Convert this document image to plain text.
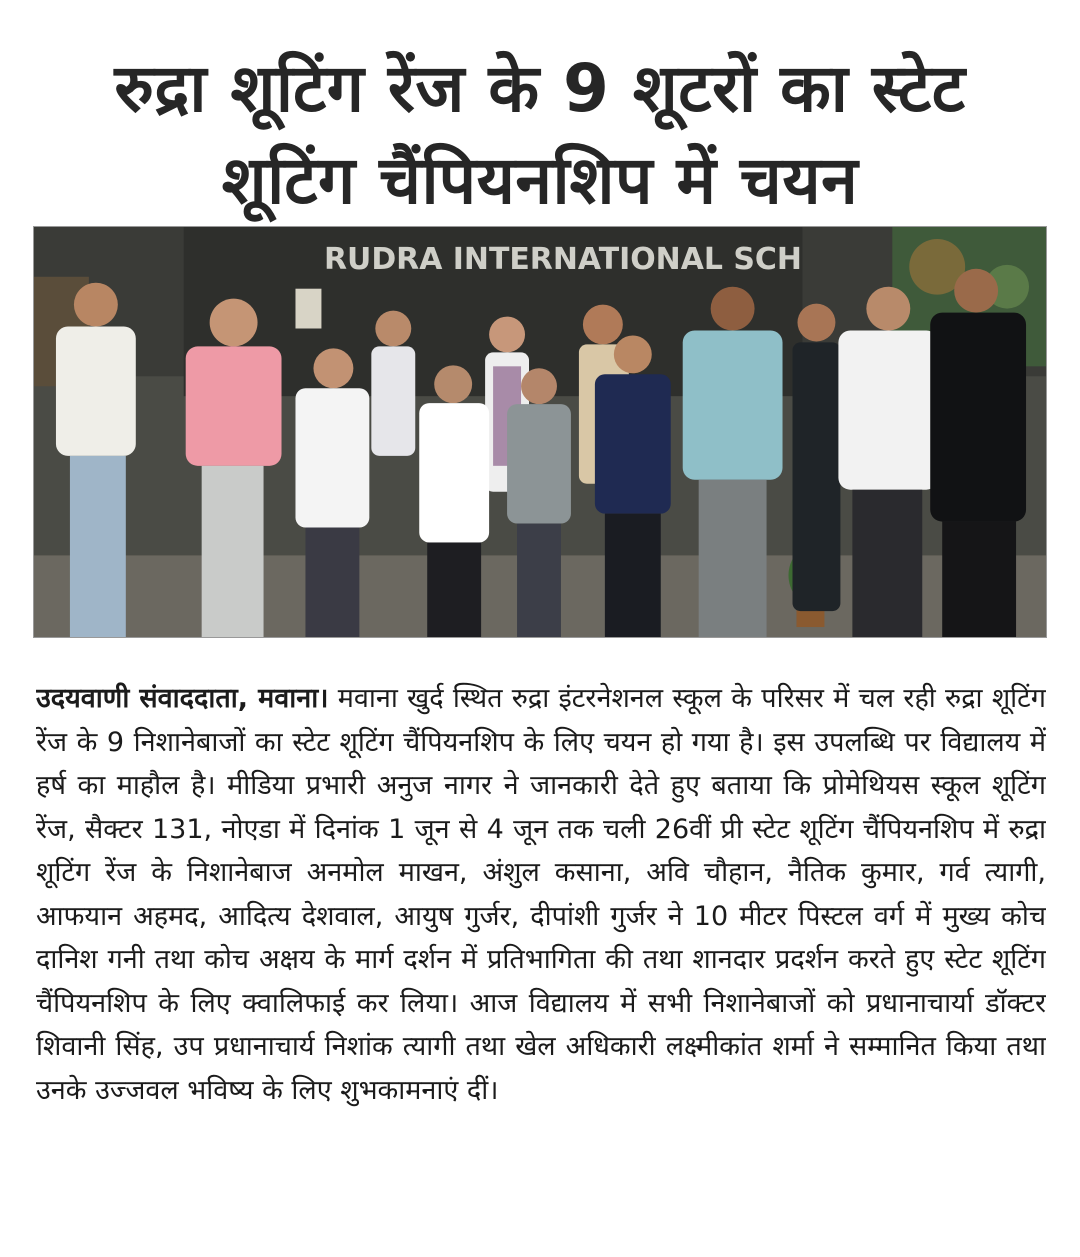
रुद्रा शूटिंग रेंज के 9 शूटरों का स्टेट
शूटिंग चैंपियनशिप में चयन
RUDRA INTERNATIONAL SCH

उदयवाणी संवाददाता, मवाना। मवाना खुर्द स्थित रुद्रा इंटरनेशनल स्कूल के परिसर में चल रही रुद्रा शूटिंग रेंज के 9 निशानेबाजों का स्टेट शूटिंग चैंपियनशिप के लिए चयन हो गया है। इस उपलब्धि पर विद्यालय में हर्ष का माहौल है। मीडिया प्रभारी अनुज नागर ने जानकारी देते हुए बताया कि प्रोमेथियस स्कूल शूटिंग रेंज, सैक्टर 131, नोएडा में दिनांक 1 जून से 4 जून तक चली 26वीं प्री स्टेट शूटिंग चैंपियनशिप में रुद्रा शूटिंग रेंज के निशानेबाज अनमोल माखन, अंशुल कसाना, अवि चौहान, नैतिक कुमार, गर्व त्यागी, आफयान अहमद, आदित्य देशवाल, आयुष गुर्जर, दीपांशी गुर्जर ने 10 मीटर पिस्टल वर्ग में मुख्य कोच दानिश गनी तथा कोच अक्षय के मार्ग दर्शन में प्रतिभागिता की तथा शानदार प्रदर्शन करते हुए स्टेट शूटिंग चैंपियनशिप के लिए क्वालिफाई कर लिया। आज विद्यालय में सभी निशानेबाजों को प्रधानाचार्या डॉक्टर शिवानी सिंह, उप प्रधानाचार्य निशांक त्यागी तथा खेल अधिकारी लक्ष्मीकांत शर्मा ने सम्मानित किया तथा उनके उज्जवल भविष्य के लिए शुभकामनाएं दीं।
